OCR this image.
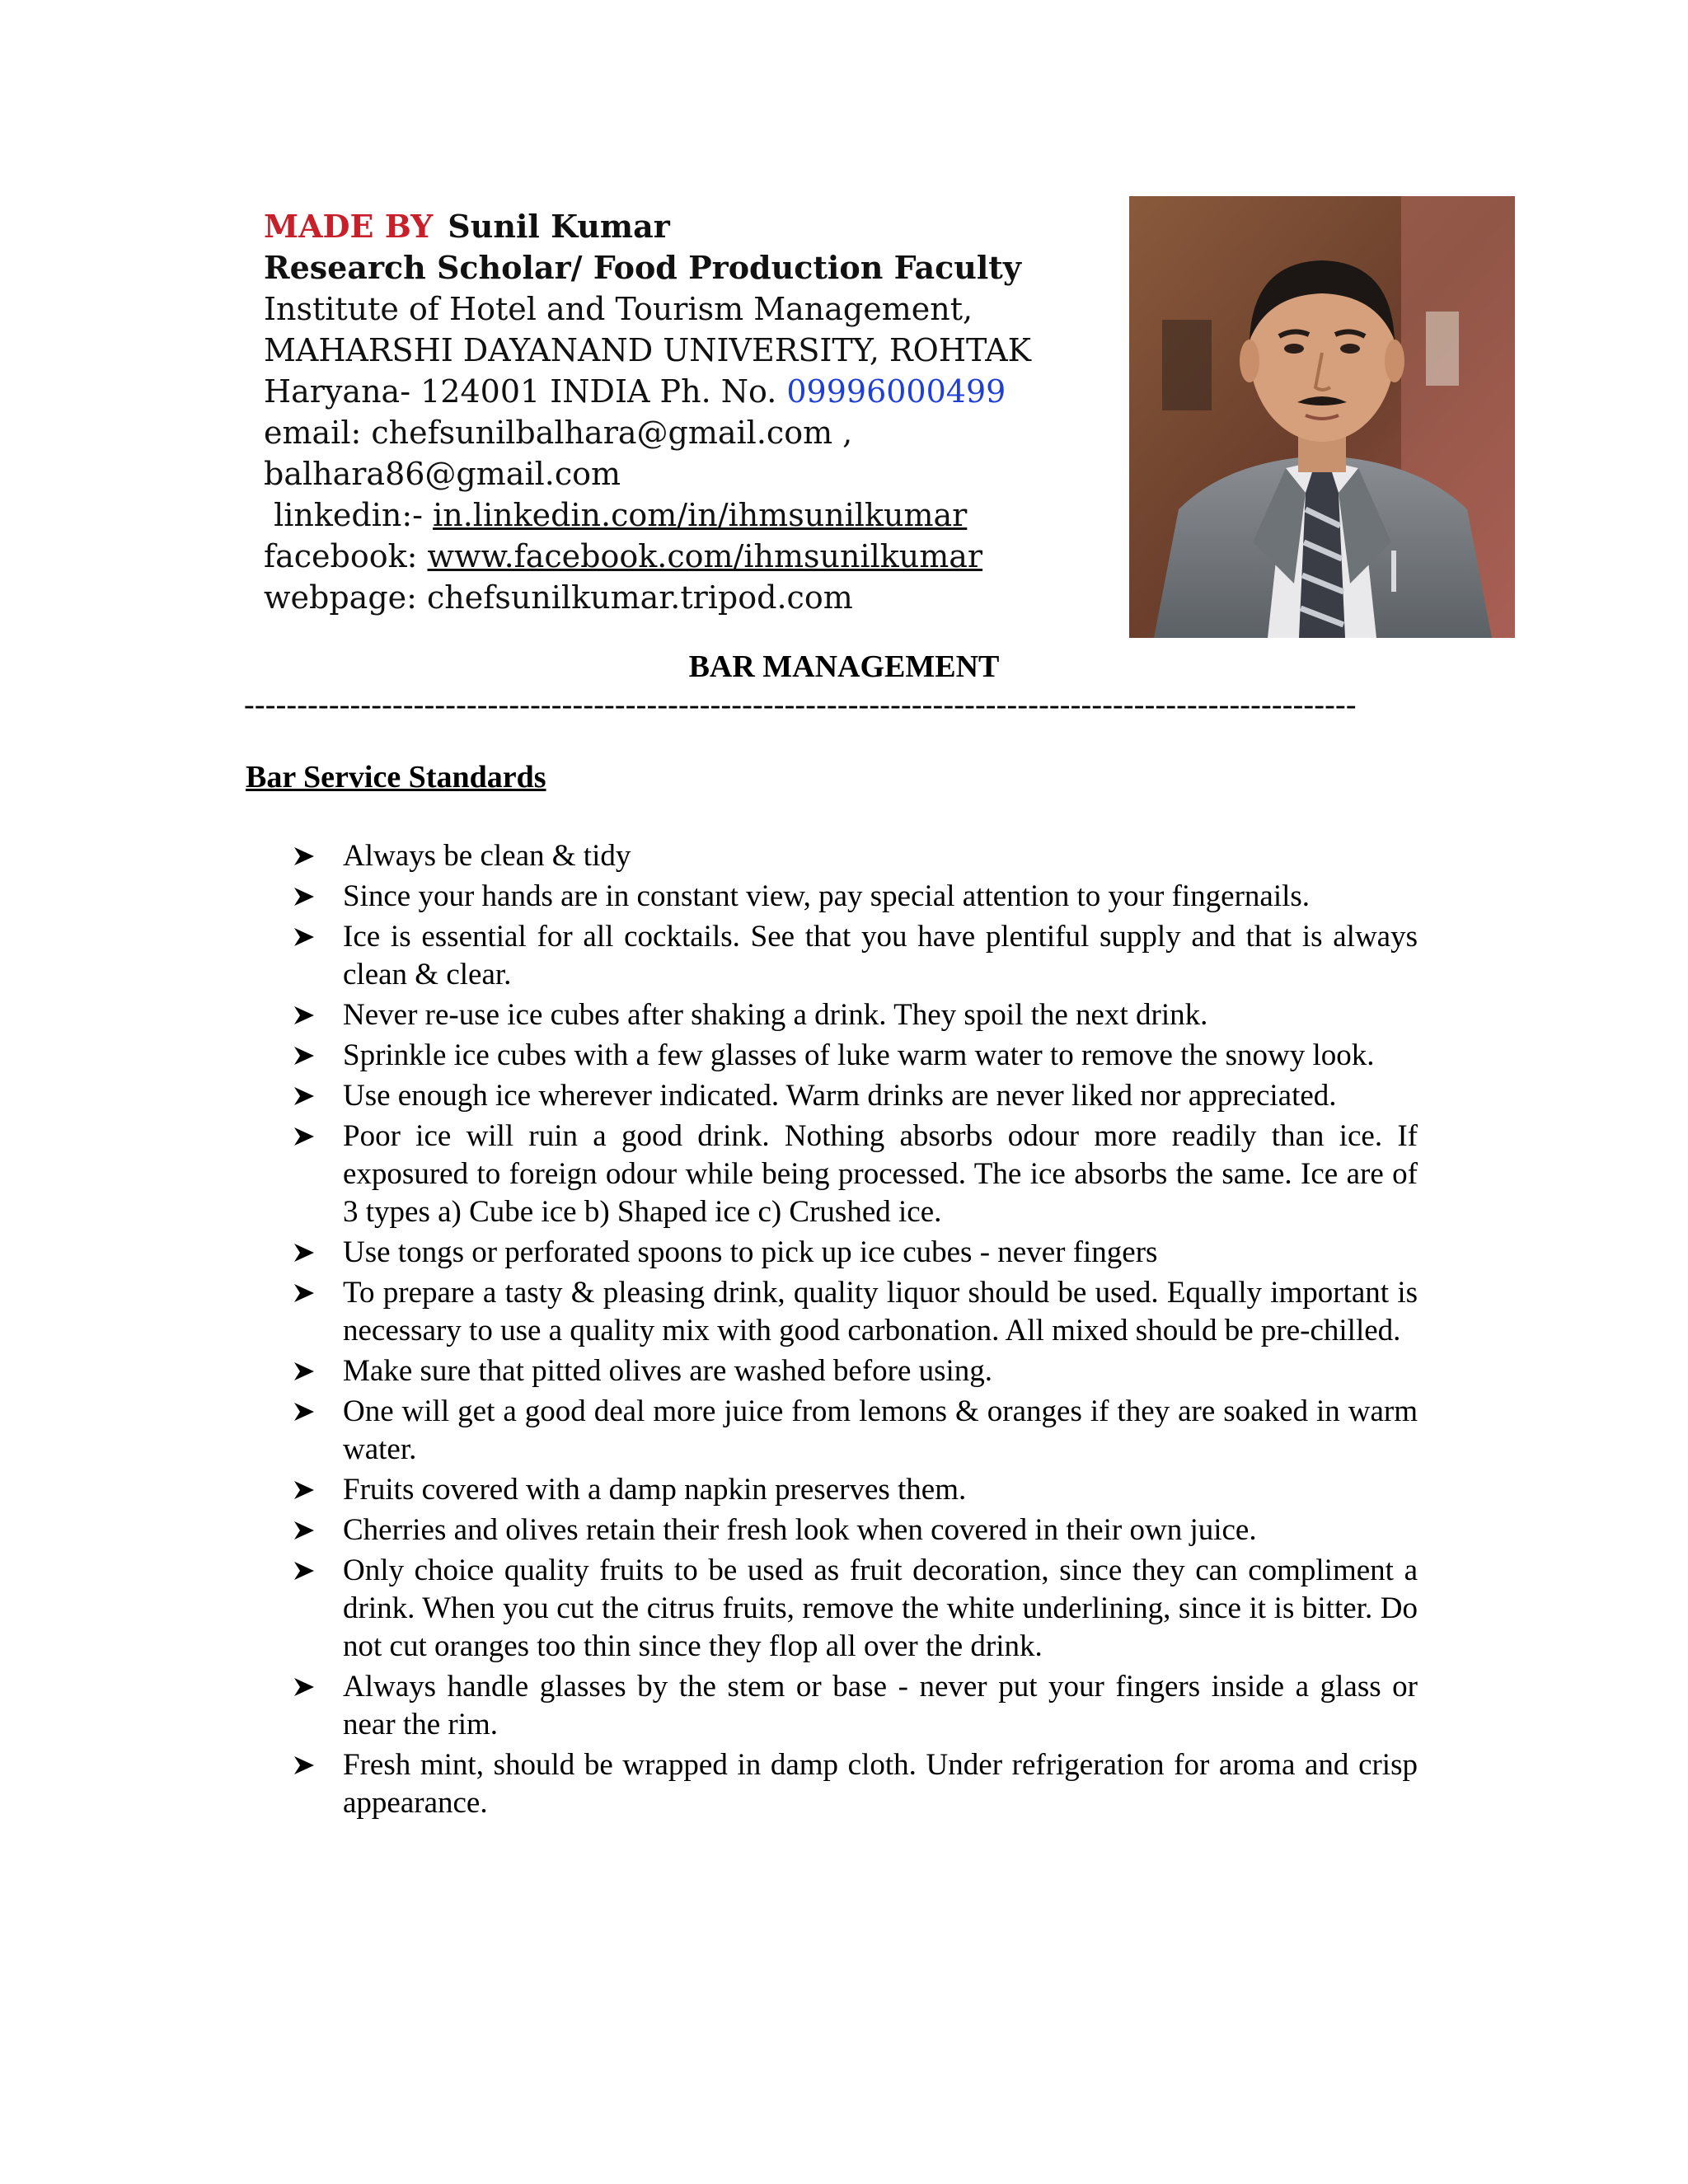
MADE BY Sunil Kumar
Research Scholar/ Food Production Faculty
Institute of Hotel and Tourism Management,
MAHARSHI DAYANAND UNIVERSITY, ROHTAK
Haryana- 124001 INDIA Ph. No. 09996000499
email: chefsunilbalhara@gmail.com ,
balhara86@gmail.com
linkedin:- in.linkedin.com/in/ihmsunilkumar
facebook: www.facebook.com/ihmsunilkumar
webpage: chefsunilkumar.tripod.com
BAR MANAGEMENT
---------------------------------------------------------------------------------------------------------
Bar Service Standards
Always be clean & tidy
Since your hands are in constant view, pay special attention to your fingernails.
Ice is essential for all cocktails. See that you have plentiful supply and that is always clean & clear.
Never re-use ice cubes after shaking a drink. They spoil the next drink.
Sprinkle ice cubes with a few glasses of luke warm water to remove the snowy look.
Use enough ice wherever indicated. Warm drinks are never liked nor appreciated.
Poor ice will ruin a good drink. Nothing absorbs odour more readily than ice. If exposured to foreign odour while being processed. The ice absorbs the same. Ice are of 3 types a) Cube ice b) Shaped ice c) Crushed ice.
Use tongs or perforated spoons to pick up ice cubes - never fingers
To prepare a tasty & pleasing drink, quality liquor should be used. Equally important is necessary to use a quality mix with good carbonation. All mixed should be pre-chilled.
Make sure that pitted olives are washed before using.
One will get a good deal more juice from lemons & oranges if they are soaked in warm water.
Fruits covered with a damp napkin preserves them.
Cherries and olives retain their fresh look when covered in their own juice.
Only choice quality fruits to be used as fruit decoration, since they can compliment a drink. When you cut the citrus fruits, remove the white underlining, since it is bitter. Do not cut oranges too thin since they flop all over the drink.
Always handle glasses by the stem or base - never put your fingers inside a glass or near the rim.
Fresh mint, should be wrapped in damp cloth. Under refrigeration for aroma and crisp appearance.
